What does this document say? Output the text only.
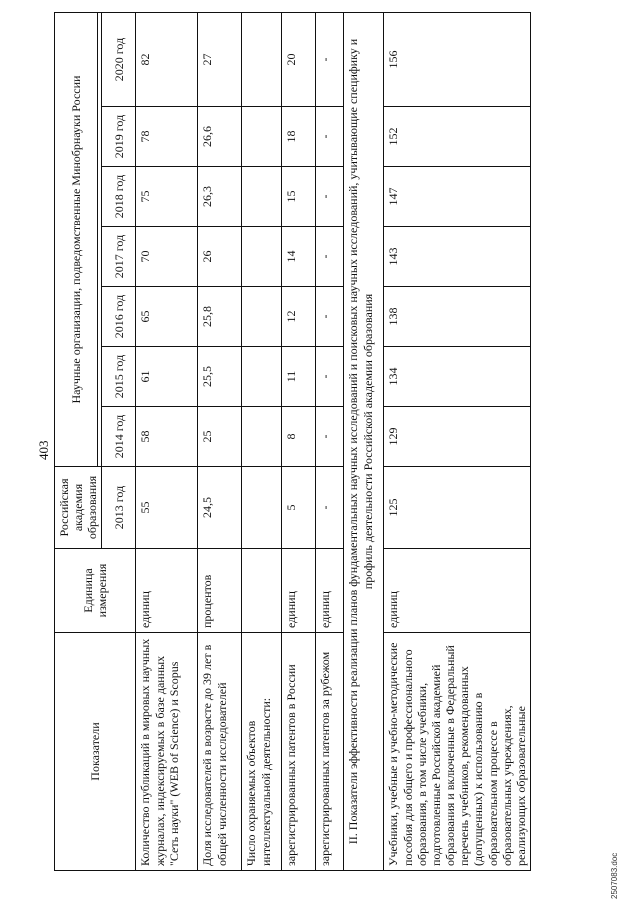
403
Показатели	Единица измерения	Российская академия образования	Научные организации, подведомственные Минобрнауки России						

		2013 год	2014 год	2015 год	2016 год	2017 год	2018 год	2019 год	2020 год
Количество публикаций в мировых научных журналах, индексируемых в базе данных "Сеть науки" (WEB of Science) и Scopus	единиц	55	58	61	65	70	75	78	82
Доля исследователей в возрасте до 39 лет в общей численности исследователей	процентов	24,5	25	25,5	25,8	26	26,3	26,6	27
Число охраняемых объектов интеллектуальной деятельности:									
зарегистрированных патентов в России	единиц	5	8	11	12	14	15	18	20
зарегистрированных патентов за рубежом	единиц	-	-	-	-	-	-	-	-
II. Показатели эффективности реализации планов фундаментальных научных исследований и поисковых научных исследований, учитывающие специфику и профиль деятельности Российской академии образования									
Учебники, учебные и учебно-методические пособия для общего и профессионального образования, в том числе учебники, подготовленные Российской академией образования и включенные в Федеральный перечень учебников, рекомендованных (допущенных) к использованию в образовательном процессе в образовательных учреждениях, реализующих образовательные	единиц	125	129	134	138	143	147	152	156
2507083.doc
